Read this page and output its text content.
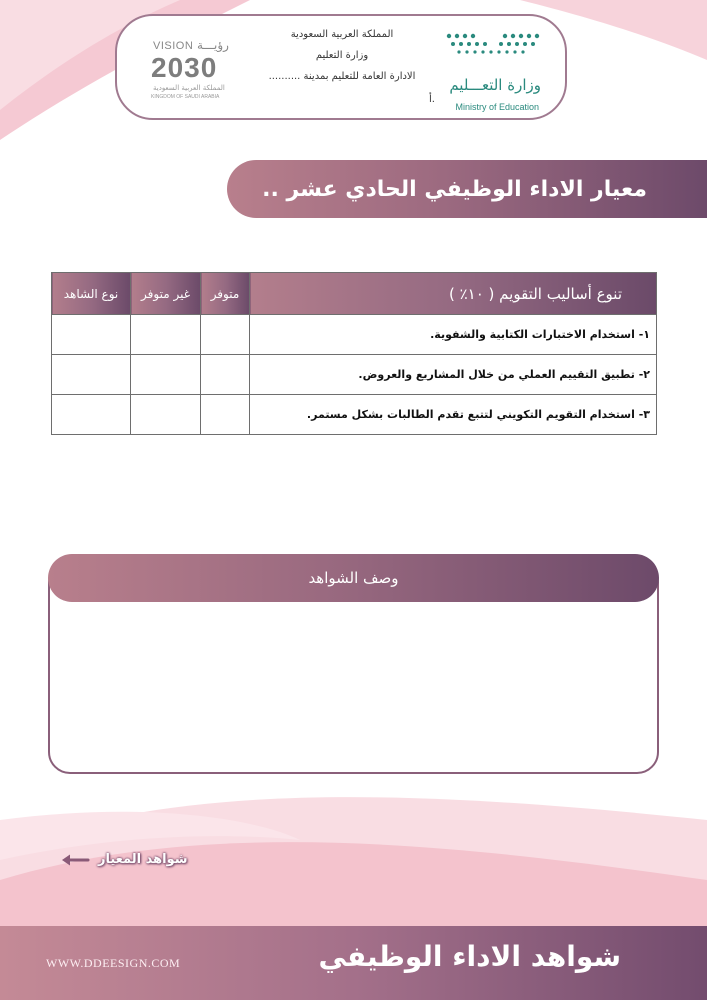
وزارة التعـــليم
Ministry of Education
المملكة العربية السعودية
وزارة التعليم
الادارة العامة للتعليم بمدينة ..........
أ.
VISION رؤيـــة
2030
المملكة العربية السعودية
KINGDOM OF SAUDI ARABIA
معيار الاداء الوظيفي الحادي عشر ..
نوع الشاهد	غير متوفر	متوفر	تنوع أساليب التقويم ( ١٠٪ )
			١- استخدام الاختبارات الكتابية والشفوية.
			٢- تطبيق التقييم العملي من خلال المشاريع والعروض.
			٣- استخدام التقويم التكويني لتتبع تقدم الطالبات بشكل مستمر.
وصف الشواهد
شواهد المعيار
WWW.DDEESIGN.COM	شواهد الاداء الوظيفي
